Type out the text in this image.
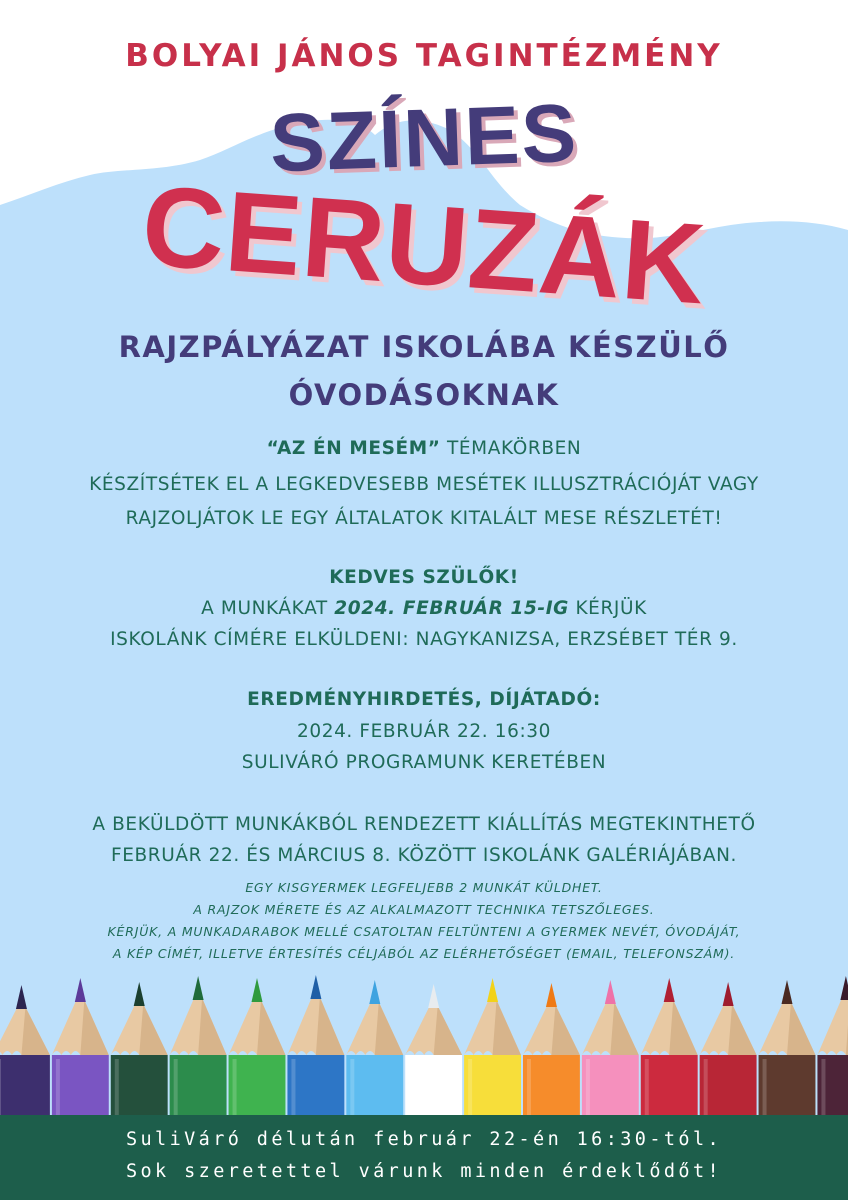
BOLYAI JÁNOS TAGINTÉZMÉNY
SZÍNES
CERUZÁK
RAJZPÁLYÁZAT ISKOLÁBA KÉSZÜLŐ
ÓVODÁSOKNAK
“AZ ÉN MESÉM” TÉMAKÖRBEN
KÉSZÍTSÉTEK EL A LEGKEDVESEBB MESÉTEK ILLUSZTRÁCIÓJÁT VAGY
RAJZOLJÁTOK LE EGY ÁLTALATOK KITALÁLT MESE RÉSZLETÉT!
KEDVES SZÜLŐK!
A MUNKÁKAT 2024. FEBRUÁR 15-IG KÉRJÜK
ISKOLÁNK CÍMÉRE ELKÜLDENI: NAGYKANIZSA, ERZSÉBET TÉR 9.
EREDMÉNYHIRDETÉS, DÍJÁTADÓ:
2024. FEBRUÁR 22. 16:30
SULIVÁRÓ PROGRAMUNK KERETÉBEN
A BEKÜLDÖTT MUNKÁKBÓL RENDEZETT KIÁLLÍTÁS MEGTEKINTHETŐ
FEBRUÁR 22. ÉS MÁRCIUS 8. KÖZÖTT ISKOLÁNK GALÉRIÁJÁBAN.
EGY KISGYERMEK LEGFELJEBB 2 MUNKÁT KÜLDHET.
A RAJZOK MÉRETE ÉS AZ ALKALMAZOTT TECHNIKA TETSZŐLEGES.
KÉRJÜK, A MUNKADARABOK MELLÉ CSATOLTAN FELTÜNTENI A GYERMEK NEVÉT, ÓVODÁJÁT,
A KÉP CÍMÉT, ILLETVE ÉRTESÍTÉS CÉLJÁBÓL AZ ELÉRHETŐSÉGET (EMAIL, TELEFONSZÁM).
SuliVáró délután február 22-én 16:30-tól.
Sok szeretettel várunk minden érdeklődőt!
